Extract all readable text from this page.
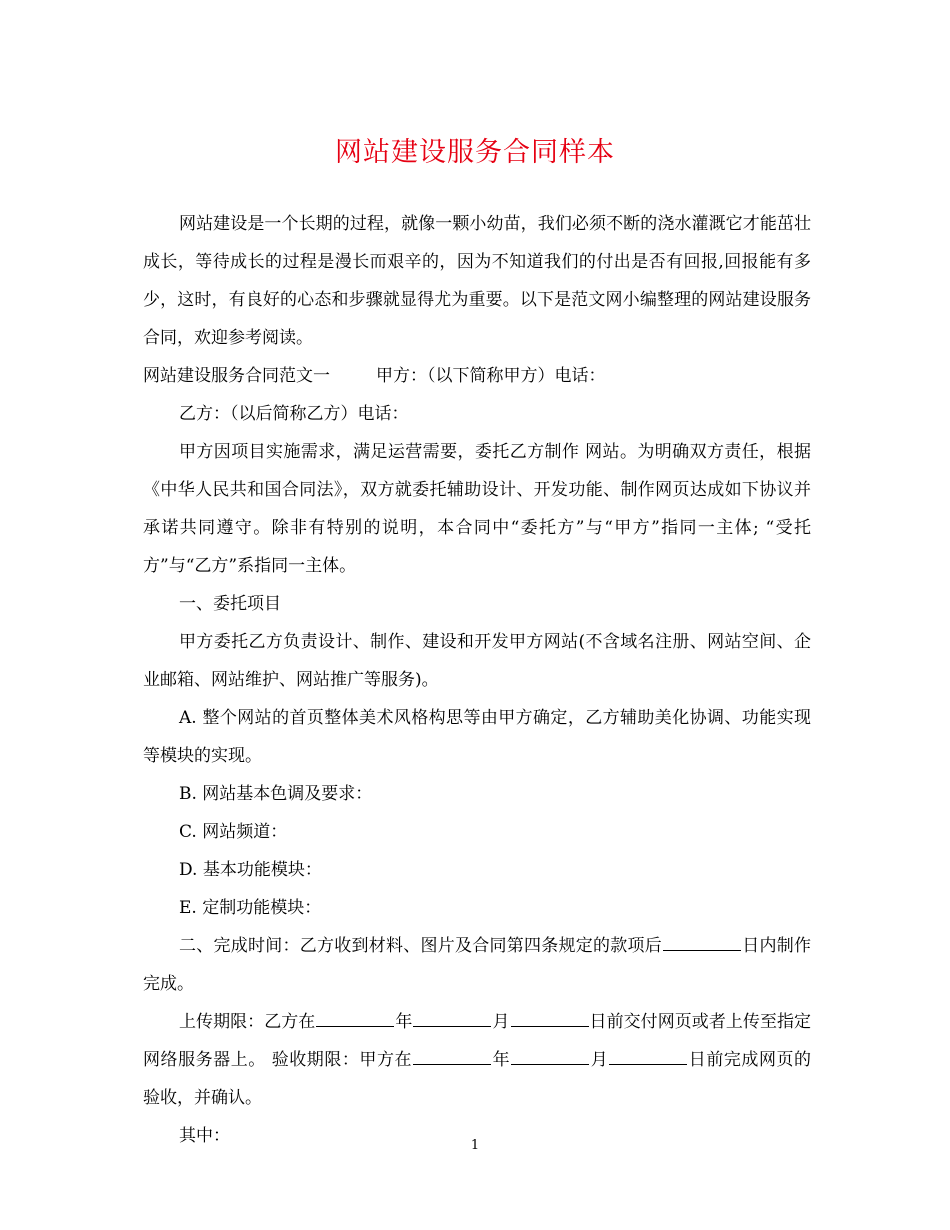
网站建设服务合同样本

网站建设是一个长期的过程，就像一颗小幼苗，我们必须不断的浇水灌溉它才能茁壮成长，等待成长的过程是漫长而艰辛的，因为不知道我们的付出是否有回报,回报能有多少，这时，有良好的心态和步骤就显得尤为重要。以下是范文网小编整理的网站建设服务合同，欢迎参考阅读。

网站建设服务合同范文一	甲方：（以下简称甲方）电话：

乙方：（以后简称乙方）电话：

甲方因项目实施需求，满足运营需要，委托乙方制作 网站。为明确双方责任，根据《中华人民共和国合同法》，双方就委托辅助设计、开发功能、制作网页达成如下协议并承诺共同遵守。除非有特别的说明，本合同中“委托方”与“甲方”指同一主体; “受托方”与“乙方”系指同一主体。

一、委托项目

甲方委托乙方负责设计、制作、建设和开发甲方网站(不含域名注册、网站空间、企业邮箱、网站维护、网站推广等服务)。

A. 整个网站的首页整体美术风格构思等由甲方确定，乙方辅助美化协调、功能实现等模块的实现。

B. 网站基本色调及要求：

C. 网站频道：

D. 基本功能模块：

E. 定制功能模块：

二、完成时间：乙方收到材料、图片及合同第四条规定的款项后	日内制作完成。

上传期限：乙方在	年	月	日前交付网页或者上传至指定网络服务器上。 验收期限：甲方在	年	月	日前完成网页的验收，并确认。

其中：	1
